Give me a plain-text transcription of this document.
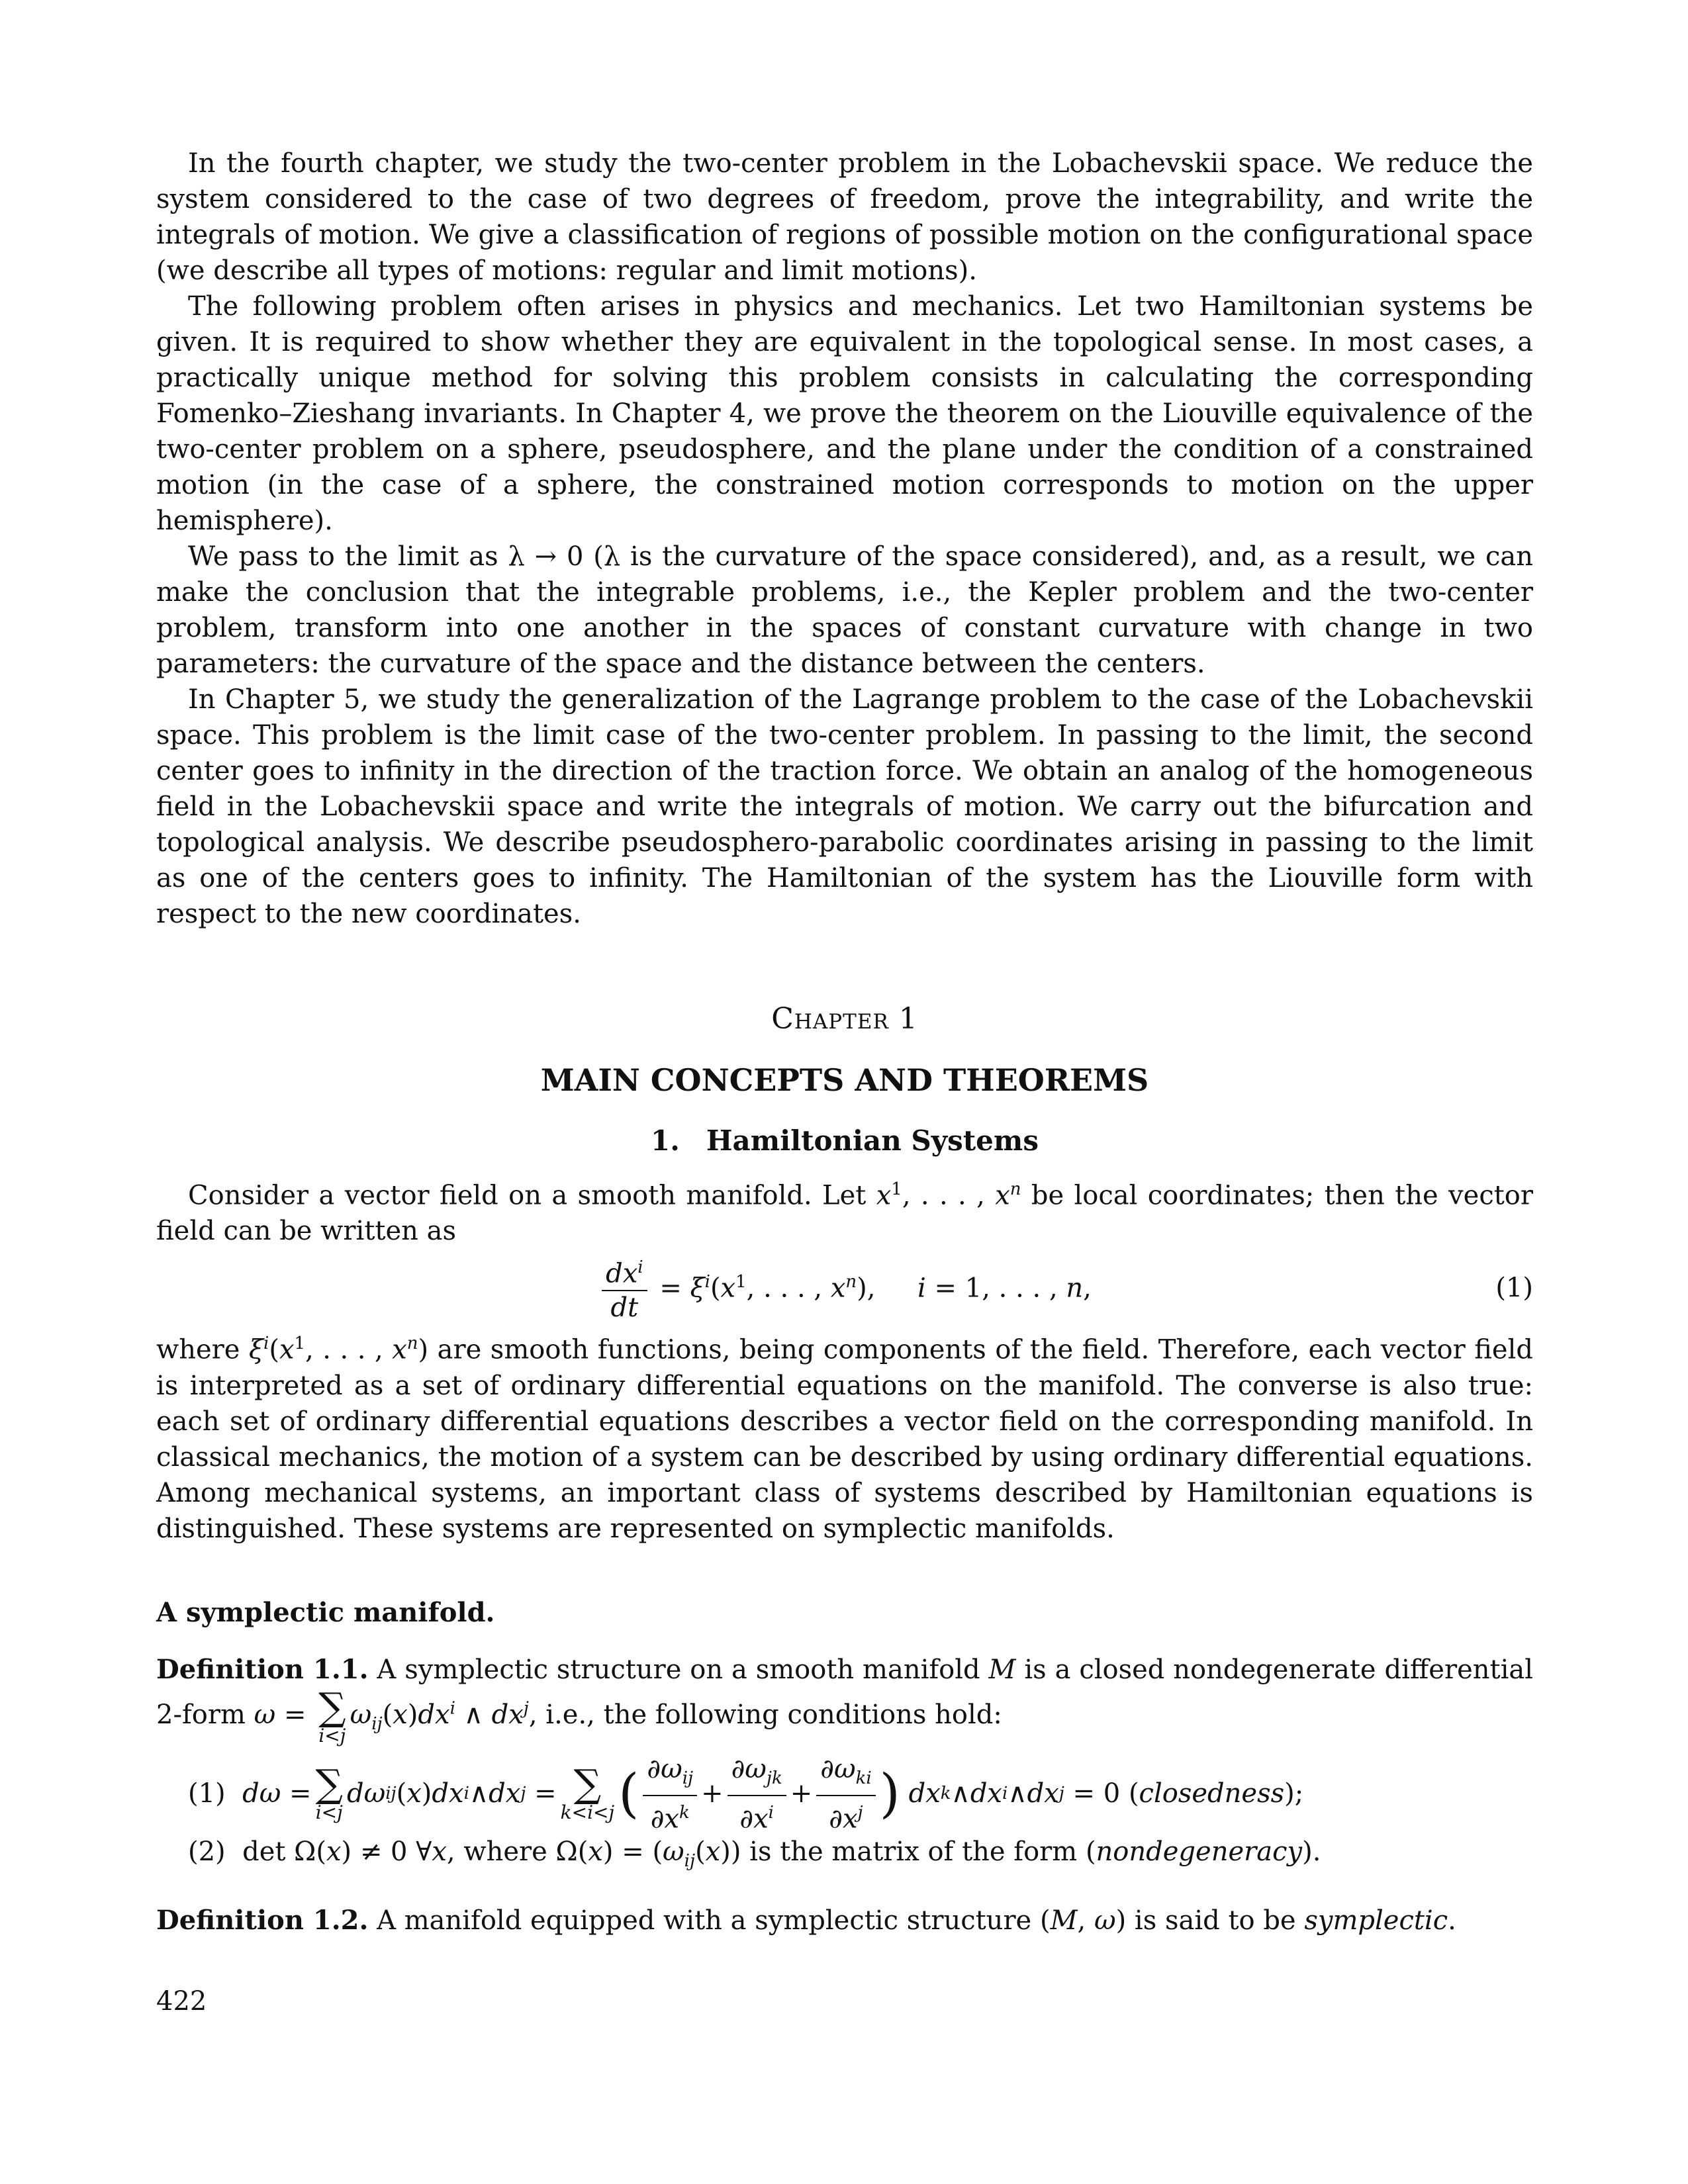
In the fourth chapter, we study the two-center problem in the Lobachevskii space. We reduce the system considered to the case of two degrees of freedom, prove the integrability, and write the integrals of motion. We give a classification of regions of possible motion on the configurational space (we describe all types of motions: regular and limit motions).

The following problem often arises in physics and mechanics. Let two Hamiltonian systems be given. It is required to show whether they are equivalent in the topological sense. In most cases, a practically unique method for solving this problem consists in calculating the corresponding Fomenko–Zieshang invariants. In Chapter 4, we prove the theorem on the Liouville equivalence of the two-center problem on a sphere, pseudosphere, and the plane under the condition of a constrained motion (in the case of a sphere, the constrained motion corresponds to motion on the upper hemisphere).

We pass to the limit as λ → 0 (λ is the curvature of the space considered), and, as a result, we can make the conclusion that the integrable problems, i.e., the Kepler problem and the two-center problem, transform into one another in the spaces of constant curvature with change in two parameters: the curvature of the space and the distance between the centers.

In Chapter 5, we study the generalization of the Lagrange problem to the case of the Lobachevskii space. This problem is the limit case of the two-center problem. In passing to the limit, the second center goes to infinity in the direction of the traction force. We obtain an analog of the homogeneous field in the Lobachevskii space and write the integrals of motion. We carry out the bifurcation and topological analysis. We describe pseudosphero-parabolic coordinates arising in passing to the limit as one of the centers goes to infinity. The Hamiltonian of the system has the Liouville form with respect to the new coordinates.

Chapter 1
MAIN CONCEPTS AND THEOREMS
1. Hamiltonian Systems

Consider a vector field on a smooth manifold. Let $x^1$, . . . , $x^n$ be local coordinates; then the vector field can be written as

$\frac{dx^i}{dt} = \xi^i(x^1$, . . . , $x^n$),     i = 1, . . . , n,	(1)

where $\xi^i(x^1$, . . . , $x^n$) are smooth functions, being components of the field. Therefore, each vector field is interpreted as a set of ordinary differential equations on the manifold. The converse is also true: each set of ordinary differential equations describes a vector field on the corresponding manifold. In classical mechanics, the motion of a system can be described by using ordinary differential equations. Among mechanical systems, an important class of systems described by Hamiltonian equations is distinguished. These systems are represented on symplectic manifolds.

A symplectic manifold.
Definition 1.1. A symplectic structure on a smooth manifold M is a closed nondegenerate differential 2-form ω = ∑
i<j
$\omega_{ij}(x)dx^i$ ∧ $dx^j$, i.e., the following conditions hold:
(1)
dω = ∑
i<j
dω ij ( x ) dx i ∧ dx j = ∑
k<i<j ( $\frac{\partial\omega_{ij}}{\partial x^k} + \frac{\partial\omega_{jk}}{\partial x^i} + \frac{\partial\omega_{ki}}{\partial x^j}$ )
dx k ∧ dx i ∧ dx j = 0 ( closedness );
(2)  det Ω(x) ≠ 0 ∀x, where $\Omega(x) = (\omega_{ij}(x))$ is the matrix of the form (nondegeneracy).
Definition 1.2. A manifold equipped with a symplectic structure (M, ω) is said to be symplectic.
422
